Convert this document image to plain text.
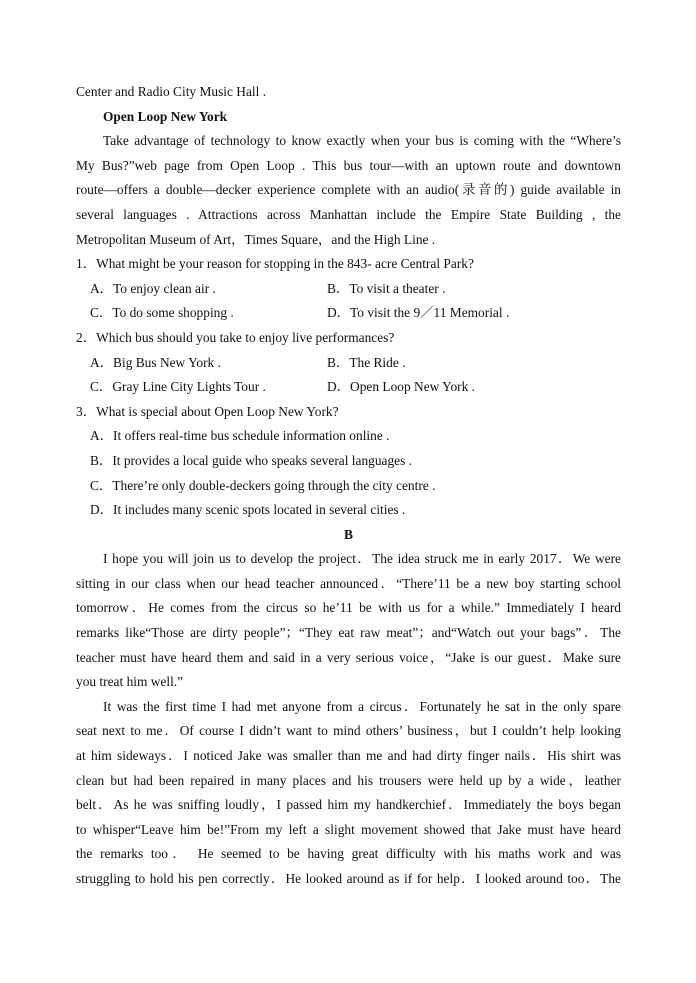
Center and Radio City Music Hall .
Open Loop New York
Take advantage of technology to know exactly when your bus is coming with the “Where’s
My Bus?”web page from Open Loop . This bus tour—with an uptown route and downtown
route—offers a double—decker experience complete with an audio(录音的) guide available in
several languages . Attractions across Manhattan include the Empire State Building , the
Metropolitan Museum of Art，Times Square，and the High Line .
1．What might be your reason for stopping in the 843- acre Central Park?
A．To enjoy clean air .	B．To visit a theater .
C．To do some shopping .	D．To visit the 9／11 Memorial .
2．Which bus should you take to enjoy live performances?
A．Big Bus New York .	B．The Ride .
C．Gray Line City Lights Tour .	D．Open Loop New York .
3．What is special about Open Loop New York?
A．It offers real-time bus schedule information online .
B．It provides a local guide who speaks several languages .
C．There’re only double-deckers going through the city centre .
D．It includes many scenic spots located in several cities .
B
I hope you will join us to develop the project．The idea struck me in early 2017．We were
sitting in our class when our head teacher announced．“There’11 be a new boy starting school
tomorrow．He comes from the circus so he’11 be with us for a while.” Immediately I heard
remarks like“Those are dirty people”；“They eat raw meat”；and“Watch out your bags”．The
teacher must have heard them and said in a very serious voice，“Jake is our guest．Make sure
you treat him well.”
It was the first time I had met anyone from a circus．Fortunately he sat in the only spare
seat next to me．Of course I didn’t want to mind others’ business，but I couldn’t help looking
at him sideways．I noticed Jake was smaller than me and had dirty finger nails．His shirt was
clean but had been repaired in many places and his trousers were held up by a wide，leather
belt．As he was sniffing loudly，I passed him my handkerchief．Immediately the boys began
to whisper“Leave him be!”From my left a slight movement showed that Jake must have heard
the remarks too． He seemed to be having great difficulty with his maths work and was
struggling to hold his pen correctly．He looked around as if for help．I looked around too．The
